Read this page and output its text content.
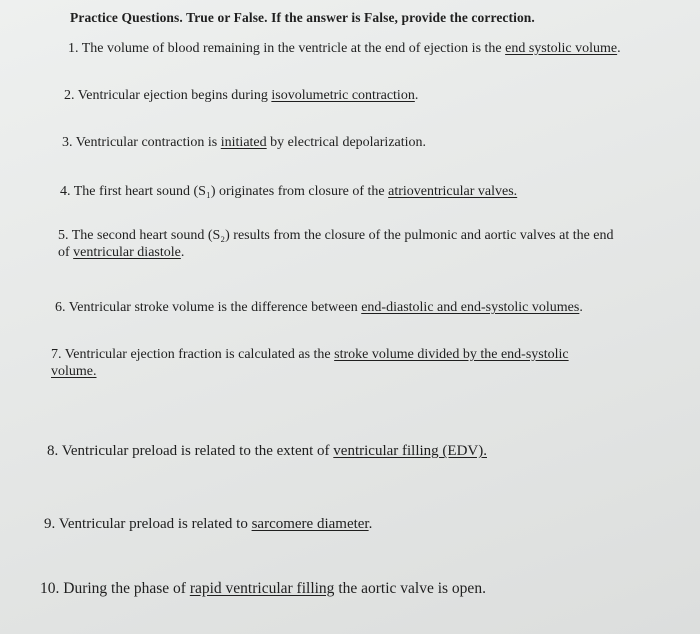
Practice Questions. True or False. If the answer is False, provide the correction.
1. The volume of blood remaining in the ventricle at the end of ejection is the end systolic volume.
2. Ventricular ejection begins during isovolumetric contraction.
3. Ventricular contraction is initiated by electrical depolarization.
4. The first heart sound (S₁) originates from closure of the atrioventricular valves.
5. The second heart sound (S₂) results from the closure of the pulmonic and aortic valves at the end
of ventricular diastole.
6. Ventricular stroke volume is the difference between end-diastolic and end-systolic volumes.
7. Ventricular ejection fraction is calculated as the stroke volume divided by the end-systolic
volume.
8. Ventricular preload is related to the extent of ventricular filling (EDV).
9. Ventricular preload is related to sarcomere diameter.
10. During the phase of rapid ventricular filling the aortic valve is open.
